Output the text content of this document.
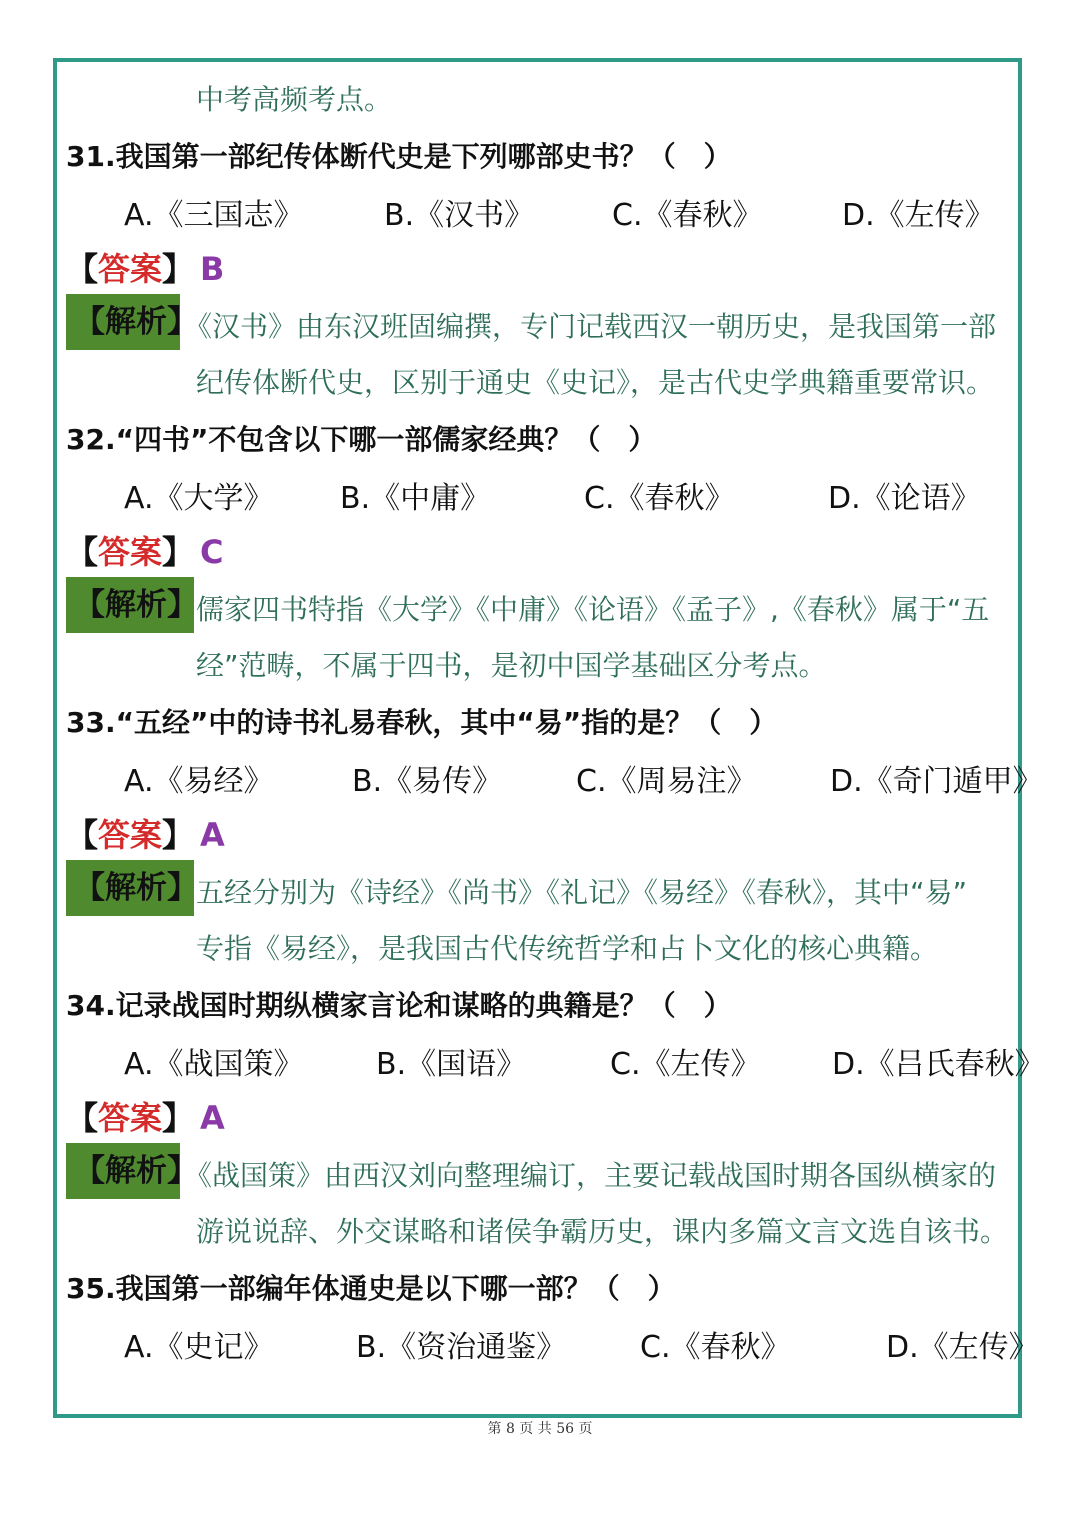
中考高频考点。
31.我国第一部纪传体断代史是下列哪部史书？（　）
A.《三国志》	B.《汉书》	C.《春秋》	D.《左传》
【答案】 B
【解析】
《汉书》由东汉班固编撰，专门记载西汉一朝历史，是我国第一部
纪传体断代史，区别于通史《史记》，是古代史学典籍重要常识。
32.“四书”不包含以下哪一部儒家经典？（　）
A.《大学》 B.《中庸》	C.《春秋》	D.《论语》
【答案】 C
【解析】
儒家四书特指《大学》《中庸》《论语》《孟子》,《春秋》属于“五
经”范畴，不属于四书，是初中国学基础区分考点。
33.“五经”中的诗书礼易春秋，其中“易”指的是？（　）
A.《易经》	B.《易传》 C.《周易注》 D.《奇门遁甲》
【答案】 A
【解析】
五经分别为《诗经》《尚书》《礼记》《易经》《春秋》，其中“易”
专指《易经》，是我国古代传统哲学和占卜文化的核心典籍。
34.记录战国时期纵横家言论和谋略的典籍是？（　）
A.《战国策》 B.《国语》	C.《左传》 D.《吕氏春秋》
【答案】 A
【解析】
《战国策》由西汉刘向整理编订，主要记载战国时期各国纵横家的
游说说辞、外交谋略和诸侯争霸历史，课内多篇文言文选自该书。
35.我国第一部编年体通史是以下哪一部？（　）
A.《史记》	B.《资治通鉴》 C.《春秋》	D.《左传》
第 8 页 共 56 页
